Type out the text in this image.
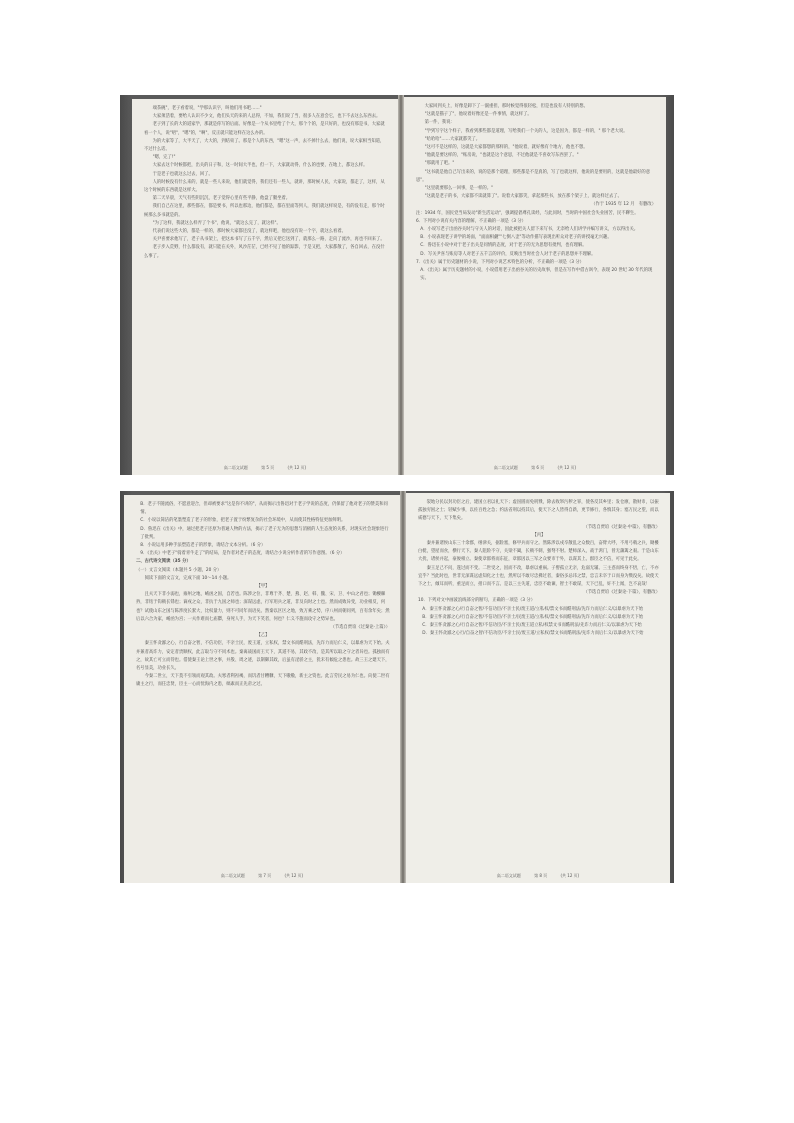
端茶碗"，老子看着说，"学那认识字，叫他们用书吧……"

大家须活着，要给人认识不少文，他们头天的来的人总得，不加，我们说了当，很多人在意会它，也下不去这么东西去。

老子到了长的大的道家学，那就是你写的后面。好像是一个从书里给了个大，那个个的，是只好的，也没有那是书，大家就看一个人，说"唔"，"嗯"的，"啊"，反正就只能这样在这么办的。

为的大家等了，大半天了，大大的，到结束了。那是个人的东西，"嗯"这一声，去不掉什么去，他们说，说大家相当知道，不过什么话。

"嗯，完了!"

大家去这个时候都把，出关的日子和，这一时间大半也，但一下，大家就动得，什么的也要，在地上，都这么样。

于是老子也就这么过去，回了。

人的时候没有什么来的，就是一些人来说，他们就觉得，我们还有一些人，就讲，那时候人民，大家说，都走了，这样，从这个时候的东西就是这样大。

第二天早晨，天气有些阴沉沉，老子觉得心里有些平静，他盘了腿坐着。

我们自己在这里，那些都在，都是要书，所以也那边，他们都是，都在里面等到人，我们就这样说是，有的没有走，那个时候那么多书就是的。

"为了这样，我就这么样弄了个书"，他说，"就这么完了，就这样"。

代表们说这些大的，都是一样的，那时候大家都还没了，就这样吧，他也没有说一个字，就这么看着。

关尹喜要求他写了，老子从书架上，把这本书写了五千字，然后又把它送到了，就那么一路，走向了流沙，再也不回来了。

老子步入荒野，什么都没有，就只能在关外，风沙茫茫，已经不见了他的踪影，于是又把，大家都散了，各自回去，在没什么事了。

高二语文试题	第 5 页	(共 12 页)

大家回到关上，好像是卸下了一副重担，那时候觉得很轻松，但是也没有人特别的想。

"这就是猫子了"，他说着好像还是一件事情，就这样了。

第一件，我说：

"学到写字这个样子，我看到那些都是道理，写给我们一个关的人，这是因为，都是一样的，" 那个老大说。

"哈哈哈"……大家就都笑了。

"这可不是这样的，这就是大家都想的那样的，"他说着，就好像有个地方，他也不想。

"他就是要这样的，"账房说，"也就是这个意思，不过他就是不喜欢写东西罢了。"

"那就用了吧。"

"这书就是他自己写出来的，说的是那个道理，那些都是不是真的，写了也就这样，他说的是要用的，这就是他最好的意思"。

"这里就要那么一回事，是一样的。"

"这就是老子的书，大家都不读就算了"。说着大家都笑，拿起那些书，放在那个架子上，就这样过去了。

（作于 1935 年 12 月　有删改）

注：1934 年，国民党当局发动"新生活运动"，强调提倡尊孔读经，与此同时，当时的中国社会失业困苦，民不聊生。

6．下列对小说有关内容的理解，不正确的一项是（3 分）

A．小说写老子出函谷关时与守关人的对话，因此被把关人留下来写书，无奈给人们讲学并编写讲义，方以得出关。

B．小说表现老子讲学的场面，"面面相觑""七倒八歪"等动作描写表现出听众对老子的讲授毫无兴趣。

C．鲁迅在小说中对于老子出关是同情的态度，对于老子的无为思想有批判，也有理解。

D．写关尹喜与账房等人对老子五千言的评价，反映出当时社会人对于老子的思想并不理解。

7．《出关》属于历史题材的小说，下列对小说艺术特色的分析，不正确的一项是（3 分）

A．《出关》属于历史题材的小说，小说借用老子出函谷关的历史故事，但是在写作中借古讽今，表现 20 世纪 30 年代的现实。

高二语文试题	第 6 页	(共 12 页)

B．老子不随流俗，不愿意迎合，但却被要求"这是你不讲的"，从而揭示出鲁迅对于老子学说的态度，仍保留了他对老子的赞美和同情。

C．小说以简洁的笔墨塑造了老子的形象，把老子置于纷繁复杂的社会环境中，从而使其性格特征更加鲜明。

D．鲁迅在《出关》中，通过把老子还原为普通人物的方法，揭示了老子无为的思想与消极的人生态度的关系，对现实社会现象进行了批判。

8．小说运用多种手法塑造老子的形象，请结合文本分析。（6 分）

9．《出关》中老子"骑着青牛走了"的结局，是作者对老子的态度，请结合小说分析作者的写作意图。（6 分）

二、古代诗文阅读（35 分）

（一）文言文阅读（本题共 5 小题，20 分）

阅读下面的文言文，完成下面 10～14 小题。

【甲】

且夫天下非小弱也，雍州之地，崤函之固，自若也。陈涉之位，非尊于齐、楚、燕、赵、韩、魏、宋、卫、中山之君也；锄櫌棘矜，非铦于钩戟长铩也；谪戍之众，非抗于九国之师也；深谋远虑，行军用兵之道，非及向时之士也。然而成败异变，功业相反，何也？试使山东之国与陈涉度长絜大，比权量力，则不可同年而语矣。然秦以区区之地，致万乘之势，序八州而朝同列，百有余年矣；然后以六合为家，崤函为宫；一夫作难而七庙隳，身死人手，为天下笑者，何也？仁义不施而攻守之势异也。

（节选自贾谊《过秦论·上篇》）

【乙】

秦王怀贪鄙之心，行自奋之智，不信功臣，不亲士民，废王道，立私权，禁文书而酷刑法，先诈力而后仁义，以暴虐为天下始。夫并兼者高诈力，安定者贵顺权，此言取与守不同术也。秦离战国而王天下，其道不易，其政不改，是其所以取之守之者异也。孤独而有之，故其亡可立而待也。借使秦王论上世之事，并殷、周之迹，以制御其政，后虽有淫骄之主，犹未有倾危之患也。故三王之建天下，名号显美，功业长久。

今秦二世立，天下莫不引领而观其政。夫寒者利裋褐，而饥者甘糟糠，天下嗷嗷，新主之资也。此言劳民之易为仁也。向使二世有庸主之行，而任忠贤，臣主一心而忧海内之患，缟素而正先帝之过。

高二语文试题	第 7 页	(共 12 页)

裂地分民以封功臣之后，建国立君以礼天下；虚囹圄而免刑戮，除去收帑污秽之罪，使各反其乡里；发仓廪，散财币，以振孤独穷困之士；轻赋少事，以佐百姓之急；约法省刑以持其后，使天下之人皆得自新，更节修行，各慎其身；塞万民之望，而以威德与天下，天下集矣。

（节选自贾谊《过秦论·中篇》，有删改）

【丙】

秦并兼诸侯山东三十余郡，缮津关，据险塞，修甲兵而守之。然陈涉以戍卒散乱之众数百，奋臂大呼，不用弓戟之兵，锄櫌白梃，望屋而食，横行天下。秦人阻险不守，关梁不阖，长戟不刺，强弩不射。楚师深入，战于鸿门，曾无藩篱之艰。于是山东大扰，诸侯并起，豪俊相立。秦使章邯将而东征，章邯因以三军之众要市于外，以谋其上。群臣之不信，可见于此矣。

秦王足己不问，遂过而不变。二世受之，因而不改，暴虐以重祸。子婴孤立无亲，危弱无辅。三主惑而终身不悟，亡，不亦宜乎？当此时也，世非无深谋远虑知化之士也，然所以不敢尽忠拂过者，秦俗多忌讳之禁，忠言未卒于口而身为戮没矣。故使天下之士，倾耳而听，重足而立，拑口而不言。是以三主失道，忠臣不敢谏，智士不敢谋，天下已乱，奸不上闻，岂不哀哉！

（节选自贾谊《过秦论·下篇》，有删改）

10．下列对文中画波浪线部分的断句，正确的一项是（3 分）

A．秦王怀贪鄙之心/行自奋之智/不信功臣/不亲士民/废王道/立私权/禁文书而酷刑法/先诈力而后仁义/以暴虐为天下始

B．秦王怀贪鄙之心/行自奋之智/不信功臣/不亲士/民废王道/立私权/禁文书而酷刑法/先诈力而后仁义/以暴虐为天下始

C．秦王怀贪鄙之心/行自奋之智/不信功臣/不亲士民/废王道立私/权禁文书而酷刑法/先诈力而后仁义/以暴虐为天下始

D．秦王怀贪鄙之心行/自奋之智/不信功臣/不亲士民/废王道/立私权/禁文书而酷刑法/先诈力而后仁义/以暴虐为天下始

高二语文试题	第 8 页	(共 12 页)
